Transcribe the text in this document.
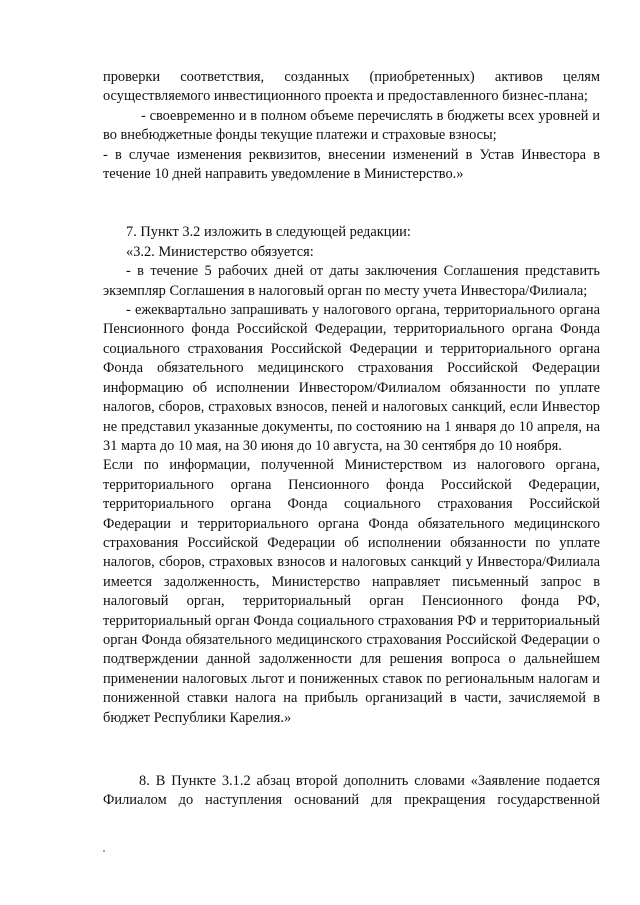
проверки соответствия, созданных (приобретенных) активов целям осуществляемого инвестиционного проекта и предоставленного бизнес-плана;

- своевременно и в полном объеме перечислять в бюджеты всех уровней и во внебюджетные фонды текущие платежи и страховые взносы;

- в случае изменения реквизитов, внесении изменений в Устав Инвестора в течение 10 дней направить уведомление в Министерство.»

7. Пункт 3.2 изложить в следующей редакции:

«3.2. Министерство обязуется:

- в течение 5 рабочих дней от даты заключения Соглашения представить экземпляр Соглашения в налоговый орган по месту учета Инвестора/Филиала;

- ежеквартально запрашивать у налогового органа, территориального органа Пенсионного фонда Российской Федерации, территориального органа Фонда социального страхования Российской Федерации и территориального органа Фонда обязательного медицинского страхования Российской Федерации информацию об исполнении Инвестором/Филиалом обязанности по уплате налогов, сборов, страховых взносов, пеней и налоговых санкций, если Инвестор не представил указанные документы, по состоянию на 1 января до 10 апреля, на 31 марта до 10 мая, на 30 июня до 10 августа, на 30 сентября до 10 ноября.

Если по информации, полученной Министерством из налогового органа, территориального органа Пенсионного фонда Российской Федерации, территориального органа Фонда социального страхования Российской Федерации и территориального органа Фонда обязательного медицинского страхования Российской Федерации об исполнении обязанности по уплате налогов, сборов, страховых взносов и налоговых санкций у Инвестора/Филиала имеется задолженность, Министерство направляет письменный запрос в налоговый орган, территориальный орган Пенсионного фонда РФ, территориальный орган Фонда социального страхования РФ и территориальный орган Фонда обязательного медицинского страхования Российской Федерации о подтверждении данной задолженности для решения вопроса о дальнейшем применении налоговых льгот и пониженных ставок по региональным налогам и пониженной ставки налога на прибыль организаций в части, зачисляемой в бюджет Республики Карелия.»

8. В Пункте 3.1.2 абзац второй дополнить словами «Заявление подается Филиалом до наступления оснований для прекращения государственной
